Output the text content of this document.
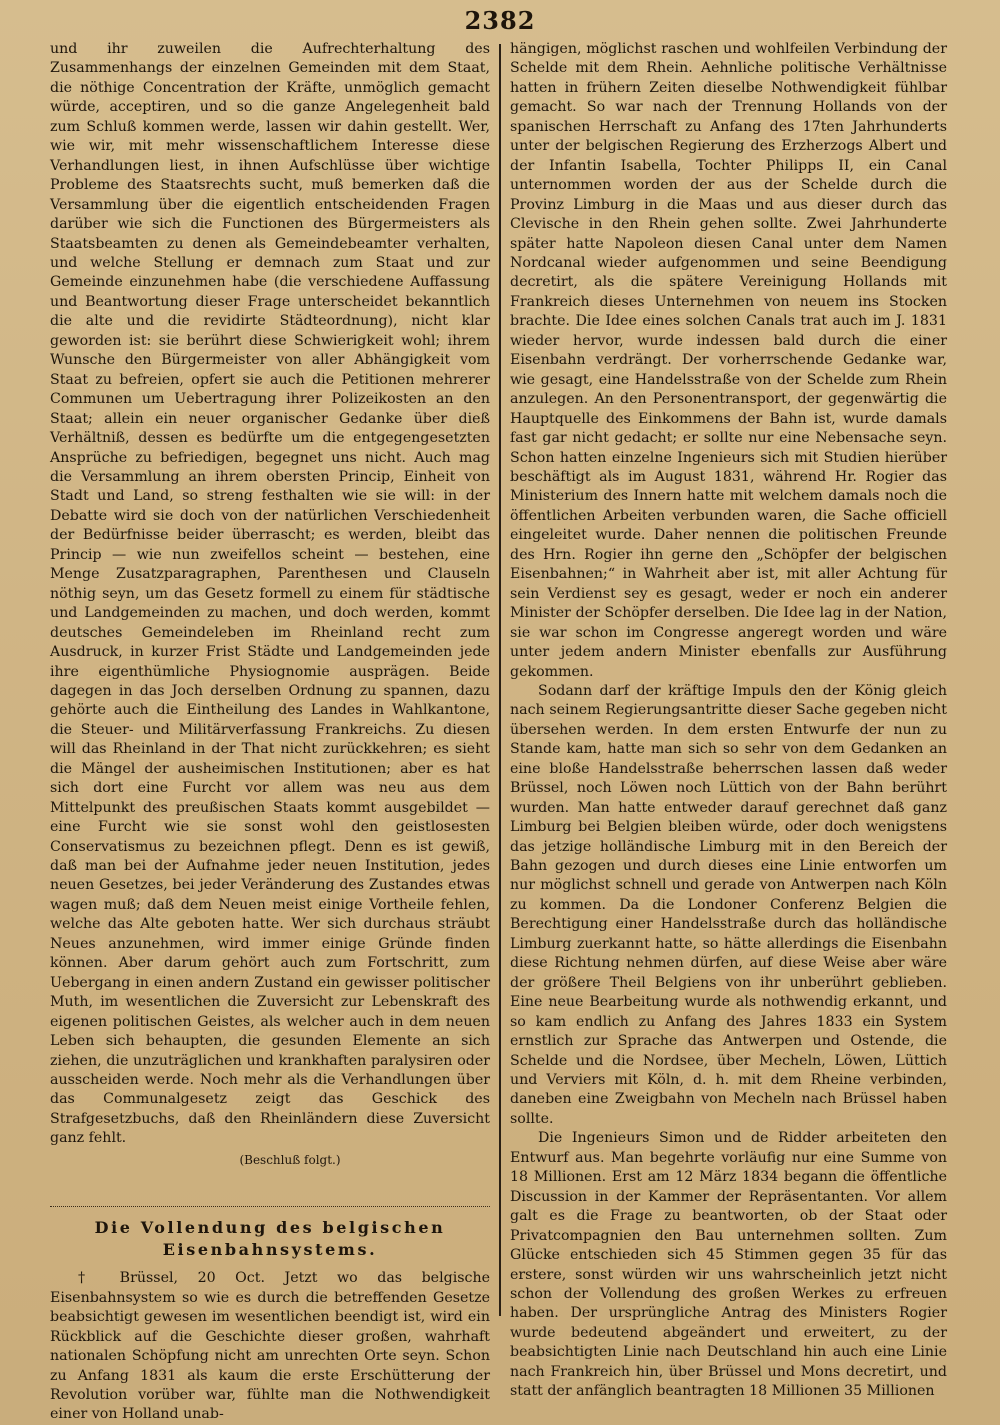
2382

und ihr zuweilen die Aufrechterhaltung des Zusammenhangs der einzelnen Gemeinden mit dem Staat, die nöthige Concentration der Kräfte, unmöglich gemacht würde, acceptiren, und so die ganze Angelegenheit bald zum Schluß kommen werde, lassen wir dahin gestellt. Wer, wie wir, mit mehr wissenschaftlichem Interesse diese Verhandlungen liest, in ihnen Aufschlüsse über wichtige Probleme des Staatsrechts sucht, muß bemerken daß die Versammlung über die eigentlich entscheidenden Fragen darüber wie sich die Functionen des Bürgermeisters als Staatsbeamten zu denen als Gemeindebeamter verhalten, und welche Stellung er demnach zum Staat und zur Gemeinde einzunehmen habe (die verschiedene Auffassung und Beantwortung dieser Frage unterscheidet bekanntlich die alte und die revidirte Städteordnung), nicht klar geworden ist: sie berührt diese Schwierigkeit wohl; ihrem Wunsche den Bürgermeister von aller Abhängigkeit vom Staat zu befreien, opfert sie auch die Petitionen mehrerer Communen um Uebertragung ihrer Polizeikosten an den Staat; allein ein neuer organischer Gedanke über dieß Verhältniß, dessen es bedürfte um die entgegengesetzten Ansprüche zu befriedigen, begegnet uns nicht. Auch mag die Versammlung an ihrem obersten Princip, Einheit von Stadt und Land, so streng festhalten wie sie will: in der Debatte wird sie doch von der natürlichen Verschiedenheit der Bedürfnisse beider überrascht; es werden, bleibt das Princip — wie nun zweifellos scheint — bestehen, eine Menge Zusatzparagraphen, Parenthesen und Clauseln nöthig seyn, um das Gesetz formell zu einem für städtische und Landgemeinden zu machen, und doch werden, kommt deutsches Gemeindeleben im Rheinland recht zum Ausdruck, in kurzer Frist Städte und Landgemeinden jede ihre eigenthümliche Physiognomie ausprägen. Beide dagegen in das Joch derselben Ordnung zu spannen, dazu gehörte auch die Eintheilung des Landes in Wahlkantone, die Steuer- und Militärverfassung Frankreichs. Zu diesen will das Rheinland in der That nicht zurückkehren; es sieht die Mängel der ausheimischen Institutionen; aber es hat sich dort eine Furcht vor allem was neu aus dem Mittelpunkt des preußischen Staats kommt ausgebildet — eine Furcht wie sie sonst wohl den geistlosesten Conservatismus zu bezeichnen pflegt. Denn es ist gewiß, daß man bei der Aufnahme jeder neuen Institution, jedes neuen Gesetzes, bei jeder Veränderung des Zustandes etwas wagen muß; daß dem Neuen meist einige Vortheile fehlen, welche das Alte geboten hatte. Wer sich durchaus sträubt Neues anzunehmen, wird immer einige Gründe finden können. Aber darum gehört auch zum Fortschritt, zum Uebergang in einen andern Zustand ein gewisser politischer Muth, im wesentlichen die Zuversicht zur Lebenskraft des eigenen politischen Geistes, als welcher auch in dem neuen Leben sich behaupten, die gesunden Elemente an sich ziehen, die unzuträglichen und krankhaften paralysiren oder ausscheiden werde. Noch mehr als die Verhandlungen über das Communalgesetz zeigt das Geschick des Strafgesetzbuchs, daß den Rheinländern diese Zuversicht ganz fehlt.

(Beschluß folgt.)
Die Vollendung des belgischen Eisenbahnsystems.

† Brüssel, 20 Oct. Jetzt wo das belgische Eisenbahnsystem so wie es durch die betreffenden Gesetze beabsichtigt gewesen im wesentlichen beendigt ist, wird ein Rückblick auf die Geschichte dieser großen, wahrhaft nationalen Schöpfung nicht am unrechten Orte seyn. Schon zu Anfang 1831 als kaum die erste Erschütterung der Revolution vorüber war, fühlte man die Nothwendigkeit einer von Holland unab-

hängigen, möglichst raschen und wohlfeilen Verbindung der Schelde mit dem Rhein. Aehnliche politische Verhältnisse hatten in frühern Zeiten dieselbe Nothwendigkeit fühlbar gemacht. So war nach der Trennung Hollands von der spanischen Herrschaft zu Anfang des 17ten Jahrhunderts unter der belgischen Regierung des Erzherzogs Albert und der Infantin Isabella, Tochter Philipps II, ein Canal unternommen worden der aus der Schelde durch die Provinz Limburg in die Maas und aus dieser durch das Clevische in den Rhein gehen sollte. Zwei Jahrhunderte später hatte Napoleon diesen Canal unter dem Namen Nordcanal wieder aufgenommen und seine Beendigung decretirt, als die spätere Vereinigung Hollands mit Frankreich dieses Unternehmen von neuem ins Stocken brachte. Die Idee eines solchen Canals trat auch im J. 1831 wieder hervor, wurde indessen bald durch die einer Eisenbahn verdrängt. Der vorherrschende Gedanke war, wie gesagt, eine Handelsstraße von der Schelde zum Rhein anzulegen. An den Personentransport, der gegenwärtig die Hauptquelle des Einkommens der Bahn ist, wurde damals fast gar nicht gedacht; er sollte nur eine Nebensache seyn. Schon hatten einzelne Ingenieurs sich mit Studien hierüber beschäftigt als im August 1831, während Hr. Rogier das Ministerium des Innern hatte mit welchem damals noch die öffentlichen Arbeiten verbunden waren, die Sache officiell eingeleitet wurde. Daher nennen die politischen Freunde des Hrn. Rogier ihn gerne den „Schöpfer der belgischen Eisenbahnen;“ in Wahrheit aber ist, mit aller Achtung für sein Verdienst sey es gesagt, weder er noch ein anderer Minister der Schöpfer derselben. Die Idee lag in der Nation, sie war schon im Congresse angeregt worden und wäre unter jedem andern Minister ebenfalls zur Ausführung gekommen.

Sodann darf der kräftige Impuls den der König gleich nach seinem Regierungsantritte dieser Sache gegeben nicht übersehen werden. In dem ersten Entwurfe der nun zu Stande kam, hatte man sich so sehr von dem Gedanken an eine bloße Handelsstraße beherrschen lassen daß weder Brüssel, noch Löwen noch Lüttich von der Bahn berührt wurden. Man hatte entweder darauf gerechnet daß ganz Limburg bei Belgien bleiben würde, oder doch wenigstens das jetzige holländische Limburg mit in den Bereich der Bahn gezogen und durch dieses eine Linie entworfen um nur möglichst schnell und gerade von Antwerpen nach Köln zu kommen. Da die Londoner Conferenz Belgien die Berechtigung einer Handelsstraße durch das holländische Limburg zuerkannt hatte, so hätte allerdings die Eisenbahn diese Richtung nehmen dürfen, auf diese Weise aber wäre der größere Theil Belgiens von ihr unberührt geblieben. Eine neue Bearbeitung wurde als nothwendig erkannt, und so kam endlich zu Anfang des Jahres 1833 ein System ernstlich zur Sprache das Antwerpen und Ostende, die Schelde und die Nordsee, über Mecheln, Löwen, Lüttich und Verviers mit Köln, d. h. mit dem Rheine verbinden, daneben eine Zweigbahn von Mecheln nach Brüssel haben sollte.

Die Ingenieurs Simon und de Ridder arbeiteten den Entwurf aus. Man begehrte vorläufig nur eine Summe von 18 Millionen. Erst am 12 März 1834 begann die öffentliche Discussion in der Kammer der Repräsentanten. Vor allem galt es die Frage zu beantworten, ob der Staat oder Privatcompagnien den Bau unternehmen sollten. Zum Glücke entschieden sich 45 Stimmen gegen 35 für das erstere, sonst würden wir uns wahrscheinlich jetzt nicht schon der Vollendung des großen Werkes zu erfreuen haben. Der ursprüngliche Antrag des Ministers Rogier wurde bedeutend abgeändert und erweitert, zu der beabsichtigten Linie nach Deutschland hin auch eine Linie nach Frankreich hin, über Brüssel und Mons decretirt, und statt der anfänglich beantragten 18 Millionen 35 Millionen
